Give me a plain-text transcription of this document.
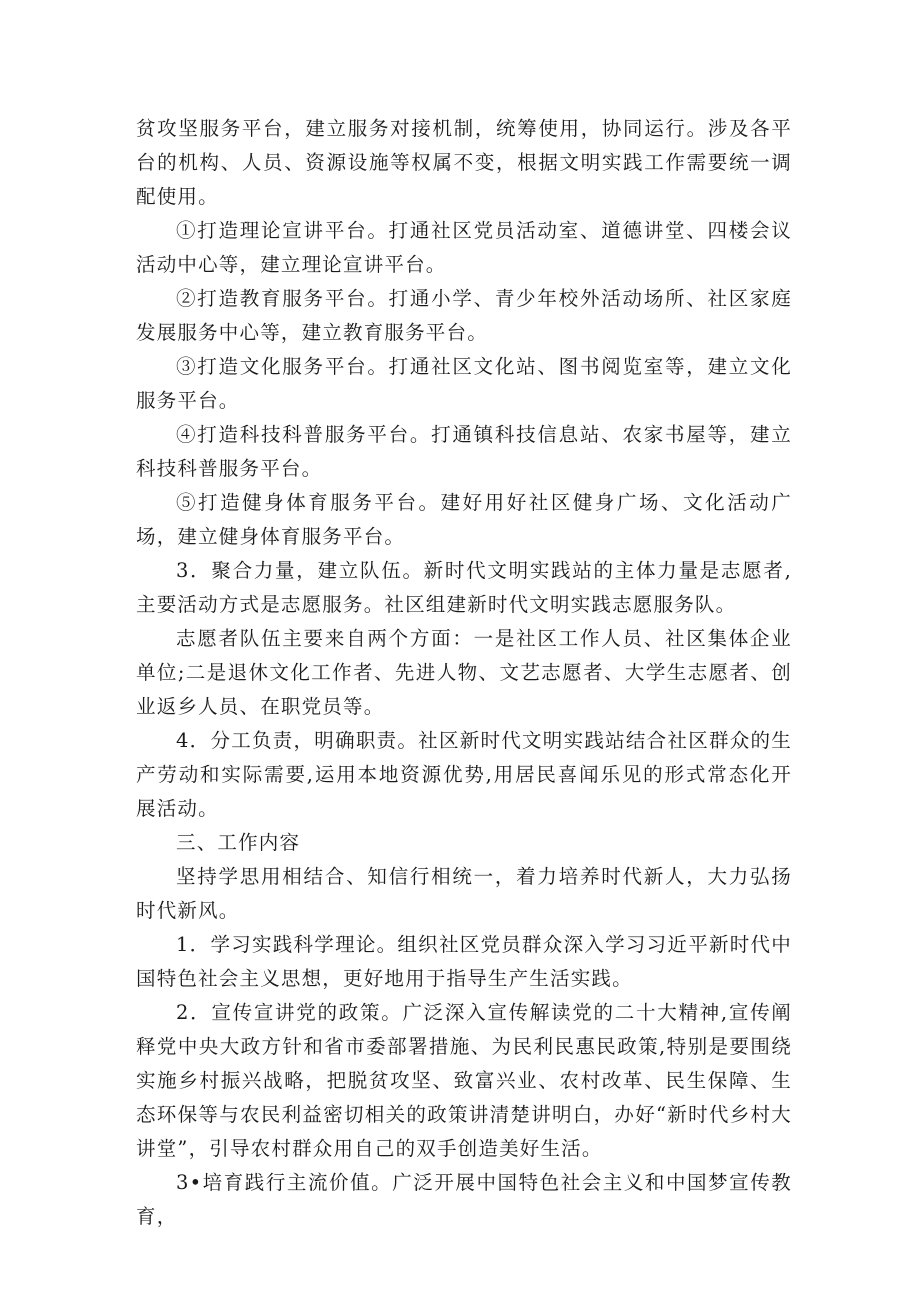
贫攻坚服务平台，建立服务对接机制，统筹使用，协同运行。涉及各平台的机构、人员、资源设施等权属不变，根据文明实践工作需要统一调配使用。

①打造理论宣讲平台。打通社区党员活动室、道德讲堂、四楼会议活动中心等，建立理论宣讲平台。

②打造教育服务平台。打通小学、青少年校外活动场所、社区家庭发展服务中心等，建立教育服务平台。

③打造文化服务平台。打通社区文化站、图书阅览室等，建立文化服务平台。

④打造科技科普服务平台。打通镇科技信息站、农家书屋等，建立科技科普服务平台。

⑤打造健身体育服务平台。建好用好社区健身广场、文化活动广场，建立健身体育服务平台。

3．聚合力量，建立队伍。新时代文明实践站的主体力量是志愿者,主要活动方式是志愿服务。社区组建新时代文明实践志愿服务队。

志愿者队伍主要来自两个方面：一是社区工作人员、社区集体企业单位;二是退休文化工作者、先进人物、文艺志愿者、大学生志愿者、创业返乡人员、在职党员等。

4．分工负责，明确职责。社区新时代文明实践站结合社区群众的生产劳动和实际需要,运用本地资源优势,用居民喜闻乐见的形式常态化开展活动。

三、工作内容

坚持学思用相结合、知信行相统一，着力培养时代新人，大力弘扬时代新风。

1．学习实践科学理论。组织社区党员群众深入学习习近平新时代中国特色社会主义思想，更好地用于指导生产生活实践。

2．宣传宣讲党的政策。广泛深入宣传解读党的二十大精神,宣传阐释党中央大政方针和省市委部署措施、为民利民惠民政策,特别是要围绕实施乡村振兴战略，把脱贫攻坚、致富兴业、农村改革、民生保障、生态环保等与农民利益密切相关的政策讲清楚讲明白，办好“新时代乡村大讲堂”，引导农村群众用自己的双手创造美好生活。

3•培育践行主流价值。广泛开展中国特色社会主义和中国梦宣传教育，
